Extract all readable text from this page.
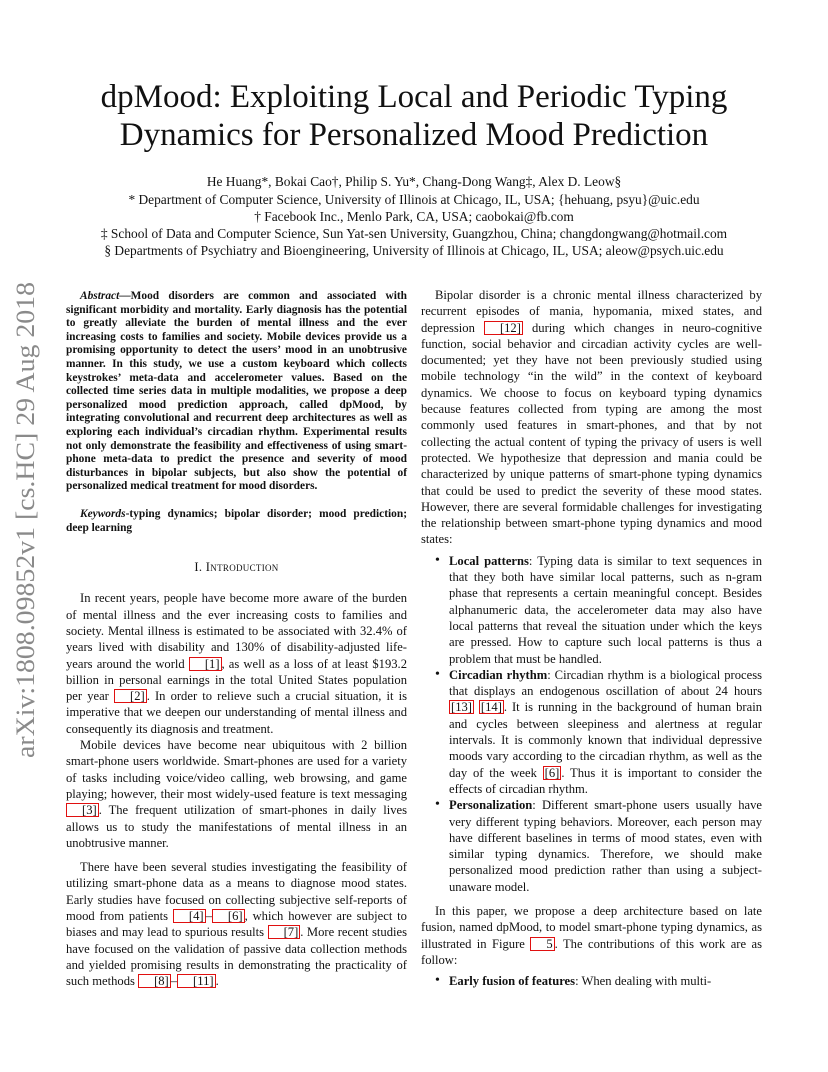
arXiv:1808.09852v1 [cs.HC] 29 Aug 2018
dpMood: Exploiting Local and Periodic Typing
Dynamics for Personalized Mood Prediction
He Huang*, Bokai Cao†, Philip S. Yu*, Chang-Dong Wang‡, Alex D. Leow§
* Department of Computer Science, University of Illinois at Chicago, IL, USA; {hehuang, psyu}@uic.edu
† Facebook Inc., Menlo Park, CA, USA; caobokai@fb.com
‡ School of Data and Computer Science, Sun Yat-sen University, Guangzhou, China; changdongwang@hotmail.com
§ Departments of Psychiatry and Bioengineering, University of Illinois at Chicago, IL, USA; aleow@psych.uic.edu

Abstract—Mood disorders are common and associated with significant morbidity and mortality. Early diagnosis has the potential to greatly alleviate the burden of mental illness and the ever increasing costs to families and society. Mobile devices provide us a promising opportunity to detect the users’ mood in an unobtrusive manner. In this study, we use a custom keyboard which collects keystrokes’ meta-data and accelerometer values. Based on the collected time series data in multiple modalities, we propose a deep personalized mood prediction approach, called dpMood, by integrating convolutional and recurrent deep architectures as well as exploring each individual’s circadian rhythm. Experimental results not only demonstrate the feasibility and effectiveness of using smart-phone meta-data to predict the presence and severity of mood disturbances in bipolar subjects, but also show the potential of personalized medical treatment for mood disorders.

Keywords-typing dynamics; bipolar disorder; mood prediction; deep learning

I. Introduction

In recent years, people have become more aware of the burden of mental illness and the ever increasing costs to families and society. Mental illness is estimated to be associated with 32.4% of years lived with disability and 130% of disability-adjusted life-years around the world [1] , as well as a loss of at least $193.2 billion in personal earnings in the total United States population per year [2] . In order to relieve such a crucial situation, it is imperative that we deepen our understanding of mental illness and consequently its diagnosis and treatment.

Mobile devices have become near ubiquitous with 2 billion smart-phone users worldwide. Smart-phones are used for a variety of tasks including voice/video calling, web browsing, and game playing; however, their most widely-used feature is text messaging [3] . The frequent utilization of smart-phones in daily lives allows us to study the manifestations of mental illness in an unobtrusive manner.

There have been several studies investigating the feasibility of utilizing smart-phone data as a means to diagnose mood states. Early studies have focused on collecting subjective self-reports of mood from patients [4] – [6] , which however are subject to biases and may lead to spurious results [7] . More recent studies have focused on the validation of passive data collection methods and yielded promising results in demonstrating the practicality of such methods [8] – [11] .

Bipolar disorder is a chronic mental illness characterized by recurrent episodes of mania, hypomania, mixed states, and depression [12] during which changes in neuro-cognitive function, social behavior and circadian activity cycles are well-documented; yet they have not been previously studied using mobile technology “in the wild” in the context of keyboard dynamics. We choose to focus on keyboard typing dynamics because features collected from typing are among the most commonly used features in smart-phones, and that by not collecting the actual content of typing the privacy of users is well protected. We hypothesize that depression and mania could be characterized by unique patterns of smart-phone typing dynamics that could be used to predict the severity of these mood states. However, there are several formidable challenges for investigating the relationship between smart-phone typing dynamics and mood states:

• Local patterns: Typing data is similar to text sequences in that they both have similar local patterns, such as n-gram phase that represents a certain meaningful concept. Besides alphanumeric data, the accelerometer data may also have local patterns that reveal the situation under which the keys are pressed. How to capture such local patterns is thus a problem that must be handled.
• Circadian rhythm: Circadian rhythm is a biological process that displays an endogenous oscillation of about 24 hours [13] [14] . It is running in the background of human brain and cycles between sleepiness and alertness at regular intervals. It is commonly known that individual depressive moods vary according to the circadian rhythm, as well as the day of the week [6] . Thus it is important to consider the effects of circadian rhythm.
• Personalization: Different smart-phone users usually have very different typing behaviors. Moreover, each person may have different baselines in terms of mood states, even with similar typing dynamics. Therefore, we should make personalized mood prediction rather than using a subject-unaware model.

In this paper, we propose a deep architecture based on late fusion, named dpMood, to model smart-phone typing dynamics, as illustrated in Figure 5 . The contributions of this work are as follow:

• Early fusion of features: When dealing with multi-
